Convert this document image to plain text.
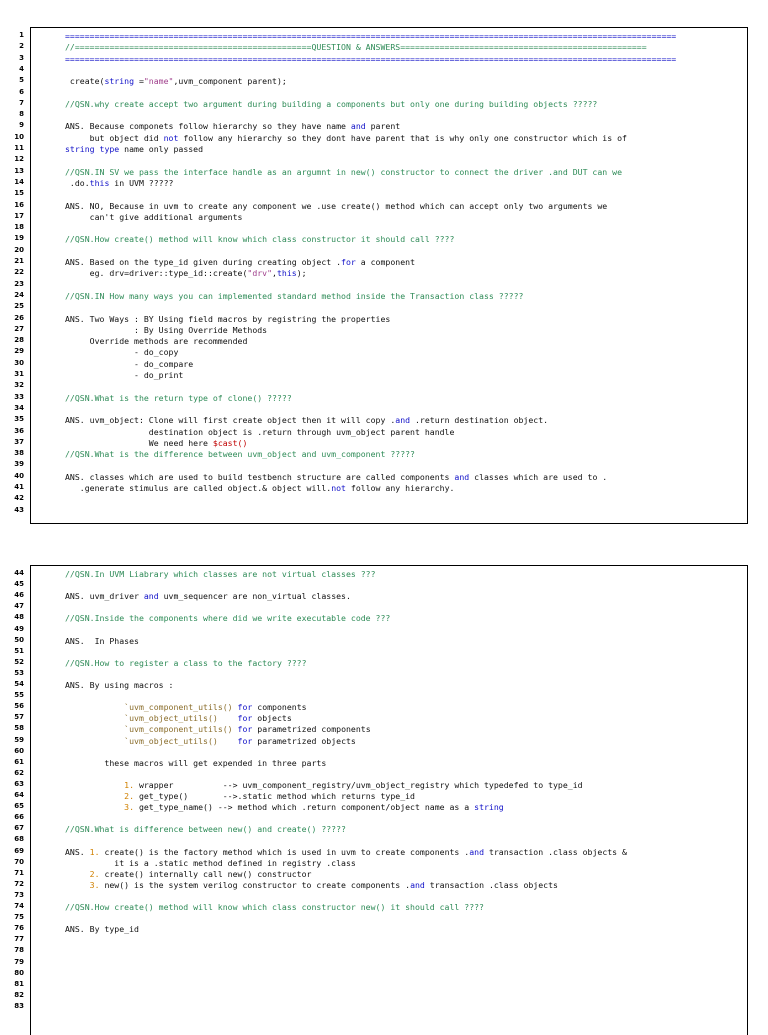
1
2
3
4
5
6
7
8
9
10
11
12
13
14
15
16
17
18
19
20
21
22
23
24
25
26
27
28
29
30
31
32
33
34
35
36
37
38
39
40
41
42
43
============================================================================================================================
//================================================QUESTION & ANSWERS==================================================
============================================================================================================================
create(string ="name",uvm_component parent);
//QSN.why create accept two argument during building a components but only one during building objects ?????
ANS. Because componets follow hierarchy so they have name and parent
but object did not follow any hierarchy so they dont have parent that is why only one constructor which is of
string type name only passed
//QSN.IN SV we pass the interface handle as an argumnt in new() constructor to connect the driver .and DUT can we
.do.this in UVM ?????
ANS. NO, Because in uvm to create any component we .use create() method which can accept only two arguments we
can't give additional arguments
//QSN.How create() method will know which class constructor it should call ????
ANS. Based on the type_id given during creating object .for a component
eg. drv=driver::type_id::create("drv",this);
//QSN.IN How many ways you can implemented standard method inside the Transaction class ?????
ANS. Two Ways : BY Using field macros by registring the properties
: By Using Override Methods
Override methods are recommended
- do_copy
- do_compare
- do_print
//QSN.What is the return type of clone() ?????
ANS. uvm_object: Clone will first create object then it will copy .and .return destination object.
destination object is .return through uvm_object parent handle
We need here $cast()
//QSN.What is the difference between uvm_object and uvm_component ?????
ANS. classes which are used to build testbench structure are called components and classes which are used to .
.generate stimulus are called object.& object will.not follow any hierarchy.
44
45
46
47
48
49
50
51
52
53
54
55
56
57
58
59
60
61
62
63
64
65
66
67
68
69
70
71
72
73
74
75
76
77
78
79
80
81
82
83
//QSN.In UVM Liabrary which classes are not virtual classes ???
ANS. uvm_driver and uvm_sequencer are non_virtual classes.
//QSN.Inside the components where did we write executable code ???
ANS.  In Phases
//QSN.How to register a class to the factory ????
ANS. By using macros :
`uvm_component_utils() for components
`uvm_object_utils() for objects
`uvm_component_utils() for parametrized components
`uvm_object_utils() for parametrized objects
these macros will get expended in three parts
1. wrapper          --> uvm_component_registry/uvm_object_registry which typedefed to type_id
2. get_type()       -->.static method which returns type_id
3. get_type_name() --> method which .return component/object name as a string
//QSN.What is difference between new() and create() ?????
ANS. 1. create() is the factory method which is used in uvm to create components .and transaction .class objects &
it is a .static method defined in registry .class
2. create() internally call new() constructor
3. new() is the system verilog constructor to create components .and transaction .class objects
//QSN.How create() method will know which class constructor new() it should call ????
ANS. By type_id
